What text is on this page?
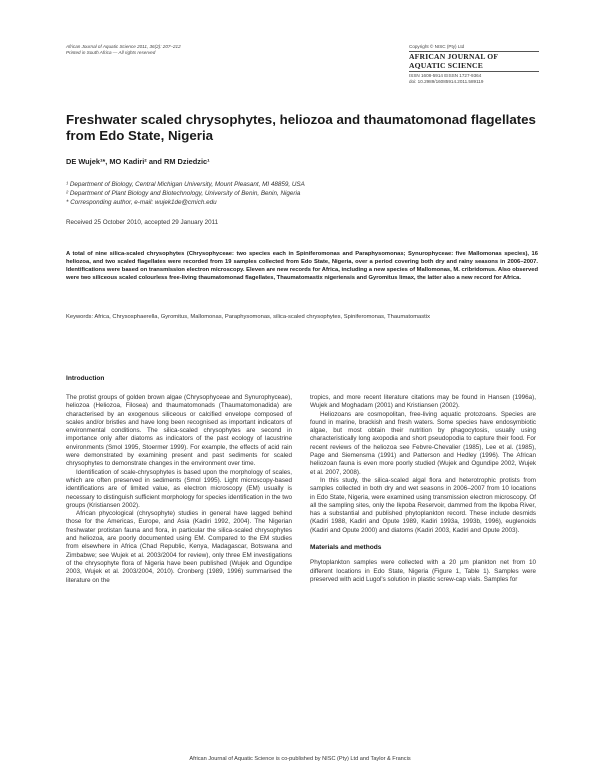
African Journal of Aquatic Science 2011, 36(2): 207–212
Printed in South Africa — All rights reserved
Copyright © NISC (Pty) Ltd
AFRICAN JOURNAL OF
AQUATIC SCIENCE
ISSN 1608-5914 EISSN 1727-9364
doi: 10.2989/16085914.2011.589119
Freshwater scaled chrysophytes, heliozoa and thaumatomonad flagellates from Edo State, Nigeria
DE Wujek¹*, MO Kadiri² and RM Dziedzic¹
¹ Department of Biology, Central Michigan University, Mount Pleasant, MI 48859, USA
² Department of Plant Biology and Biotechnology, University of Benin, Benin, Nigeria
* Corresponding author, e-mail: wujek1de@cmich.edu
Received 25 October 2010, accepted 29 January 2011

A total of nine silica-scaled chrysophytes (Chrysophyceae: two species each in Spiniferomonas and Paraphysomonas; Synurophyceae: five Mallomonas species), 16 heliozoa, and two scaled flagellates were recorded from 19 samples collected from Edo State, Nigeria, over a period covering both dry and rainy seasons in 2006–2007. Identifications were based on transmission electron microscopy. Eleven are new records for Africa, including a new species of Mallomonas, M. cribridomus. Also observed were two siliceous scaled colourless free-living thaumatomonad flagellates, Thaumatomastix nigeriensis and Gyromitus limax, the latter also a new record for Africa.

Keywords: Africa, Chrysosphaerella, Gyromitus, Mallomonas, Paraphysomonas, silica-scaled chrysophytes, Spiniferomonas, Thaumatomastix

Introduction

The protist groups of golden brown algae (Chrysophyceae and Synurophyceae), heliozoa (Heliozoa, Filosea) and thaumatomonads (Thaumatomonadida) are characterised by an exogenous siliceous or calcified envelope composed of scales and/or bristles and have long been recognised as important indicators of environmental conditions. The silica-scaled chrysophytes are second in importance only after diatoms as indicators of the past ecology of lacustrine environments (Smol 1995, Stoermer 1999). For example, the effects of acid rain were demonstrated by examining present and past sediments for scaled chrysophytes to demonstrate changes in the environment over time.

Identification of scale-chrysophytes is based upon the morphology of scales, which are often preserved in sediments (Smol 1995). Light microscopy-based identifications are of limited value, as electron microscopy (EM) usually is necessary to distinguish sufficient morphology for species identification in the two groups (Kristiansen 2002).

African phycological (chrysophyte) studies in general have lagged behind those for the Americas, Europe, and Asia (Kadiri 1992, 2004). The Nigerian freshwater protistan fauna and flora, in particular the silica-scaled chrysophytes and heliozoa, are poorly documented using EM. Compared to the EM studies from elsewhere in Africa (Chad Republic, Kenya, Madagascar, Botswana and Zimbabwe; see Wujek et al. 2003/2004 for review), only three EM investigations of the chrysophyte flora of Nigeria have been published (Wujek and Ogundipe 2003, Wujek et al. 2003/2004, 2010). Cronberg (1989, 1996) summarised the literature on the

tropics, and more recent literature citations may be found in Hansen (1996a), Wujek and Moghadam (2001) and Kristiansen (2002).

Heliozoans are cosmopolitan, free-living aquatic protozoans. Species are found in marine, brackish and fresh waters. Some species have endosymbiotic algae, but most obtain their nutrition by phagocytosis, usually using characteristically long axopodia and short pseudopodia to capture their food. For recent reviews of the heliozoa see Febvre-Chevalier (1985), Lee et al. (1985), Page and Siemensma (1991) and Patterson and Hedley (1996). The African heliozoan fauna is even more poorly studied (Wujek and Ogundipe 2002, Wujek et al. 2007, 2008).

In this study, the silica-scaled algal flora and heterotrophic protists from samples collected in both dry and wet seasons in 2006–2007 from 10 locations in Edo State, Nigeria, were examined using transmission electron microscopy. Of all the sampling sites, only the Ikpoba Reservoir, dammed from the Ikpoba River, has a substantial and published phytoplankton record. These include desmids (Kadiri 1988, Kadiri and Opute 1989, Kadiri 1993a, 1993b, 1996), euglenoids (Kadiri and Opute 2000) and diatoms (Kadiri 2003, Kadiri and Opute 2003).

Materials and methods

Phytoplankton samples were collected with a 20 µm plankton net from 10 different locations in Edo State, Nigeria (Figure 1, Table 1). Samples were preserved with acid Lugol's solution in plastic screw-cap vials. Samples for

African Journal of Aquatic Science is co-published by NISC (Pty) Ltd and Taylor & Francis
